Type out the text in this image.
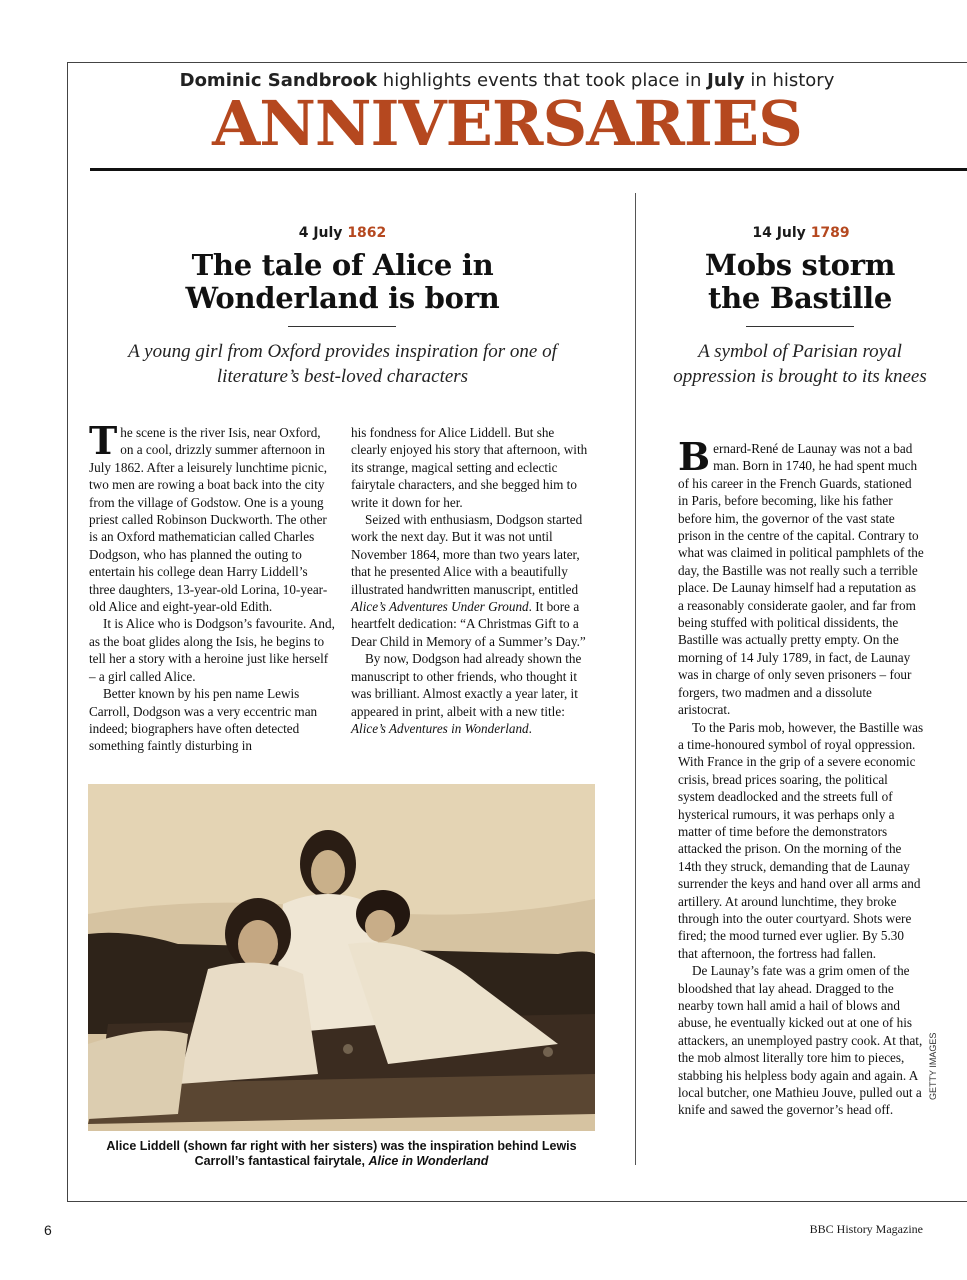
Dominic Sandbrook highlights events that took place in July in history
ANNIVERSARIES
4 July 1862
The tale of Alice in Wonderland is born
A young girl from Oxford provides inspiration for one of literature’s best-loved characters

The scene is the river Isis, near Oxford, on a cool, drizzly summer afternoon in July 1862. After a leisurely lunchtime picnic, two men are rowing a boat back into the city from the village of Godstow. One is a young priest called Robinson Duckworth. The other is an Oxford mathematician called Charles Dodgson, who has planned the outing to entertain his college dean Harry Liddell’s three daughters, 13-year-old Lorina, 10-year-old Alice and eight-year-old Edith.

It is Alice who is Dodgson’s favourite. And, as the boat glides along the Isis, he begins to tell her a story with a heroine just like herself – a girl called Alice.

Better known by his pen name Lewis Carroll, Dodgson was a very eccentric man indeed; biographers have often detected something faintly disturbing in

his fondness for Alice Liddell. But she clearly enjoyed his story that afternoon, with its strange, magical setting and eclectic fairytale characters, and she begged him to write it down for her.

Seized with enthusiasm, Dodgson started work the next day. But it was not until November 1864, more than two years later, that he presented Alice with a beautifully illustrated handwritten manuscript, entitled Alice’s Adventures Under Ground. It bore a heartfelt dedication: “A Christmas Gift to a Dear Child in Memory of a Summer’s Day.”

By now, Dodgson had already shown the manuscript to other friends, who thought it was brilliant. Almost exactly a year later, it appeared in print, albeit with a new title: Alice’s Adventures in Wonderland.

Alice Liddell (shown far right with her sisters) was the inspiration behind Lewis Carroll’s fantastical fairytale, Alice in Wonderland
14 July 1789
Mobs storm the Bastille
A symbol of Parisian royal oppression is brought to its knees

Bernard-René de Launay was not a bad man. Born in 1740, he had spent much of his career in the French Guards, stationed in Paris, before becoming, like his father before him, the governor of the vast state prison in the centre of the capital. Contrary to what was claimed in political pamphlets of the day, the Bastille was not really such a terrible place. De Launay himself had a reputation as a reasonably considerate gaoler, and far from being stuffed with political dissidents, the Bastille was actually pretty empty. On the morning of 14 July 1789, in fact, de Launay was in charge of only seven prisoners – four forgers, two madmen and a dissolute aristocrat.

To the Paris mob, however, the Bastille was a time-honoured symbol of royal oppression. With France in the grip of a severe economic crisis, bread prices soaring, the political system deadlocked and the streets full of hysterical rumours, it was perhaps only a matter of time before the demonstrators attacked the prison. On the morning of the 14th they struck, demanding that de Launay surrender the keys and hand over all arms and artillery. At around lunchtime, they broke through into the outer courtyard. Shots were fired; the mood turned ever uglier. By 5.30 that afternoon, the fortress had fallen.

De Launay’s fate was a grim omen of the bloodshed that lay ahead. Dragged to the nearby town hall amid a hail of blows and abuse, he eventually kicked out at one of his attackers, an unemployed pastry cook. At that, the mob almost literally tore him to pieces, stabbing his helpless body again and again. A local butcher, one Mathieu Jouve, pulled out a knife and sawed the governor’s head off.

GETTY IMAGES
6	BBC History Magazine
